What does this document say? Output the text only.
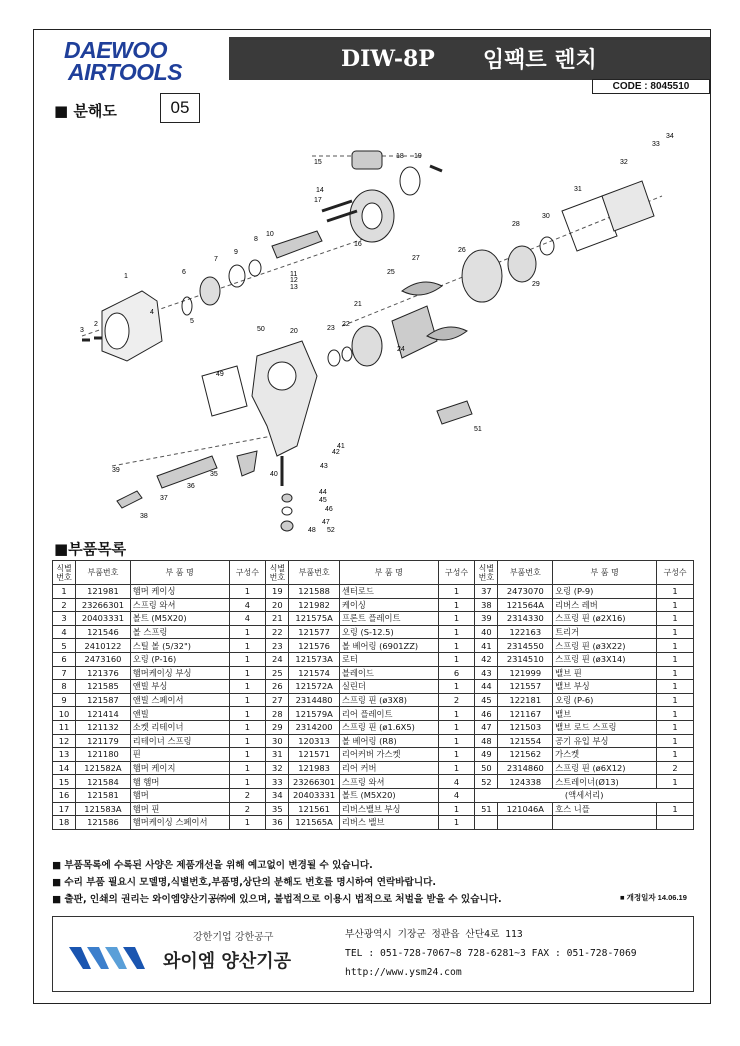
DAEWOO
AIRTOOLS
DIW-8P 임팩트 렌치
CODE : 8045510
■ 분해도	05
1
2
3
4
5
6
7
8
9
10
11
12
13
14
15
16
17
18 19
20
21
22
23
24
25
26
27
28
29
30
31
32
33
34
35
36
37
38
39
40
41
42
43
44
45
46
47
48
49
50
51
52
■부품목록
식별
번호	부품번호	부 품 명	구성수	식별
번호	부품번호	부 품 명	구성수	식별
번호	부품번호	부 품 명	구성수
1	121981	햄머 케이싱	1	19	121588	센터로드	1	37	2473070	오링 (P-9)	1
2	23266301	스프링 와셔	4	20	121982	케이싱	1	38	121564A	리버스 레버	1
3	20403331	볼트 (M5X20)	4	21	121575A	프론트 플레이트	1	39	2314330	스프링 핀 (ø2X16)	1
4	121546	볼 스프링	1	22	121577	오링 (S-12.5)	1	40	122163	트리거	1
5	2410122	스틸 볼 (5/32")	1	23	121576	볼 베어링 (6901ZZ)	1	41	2314550	스프링 핀 (ø3X22)	1
6	2473160	오링 (P-16)	1	24	121573A	로터	1	42	2314510	스프링 핀 (ø3X14)	1
7	121376	햄머케이싱 부싱	1	25	121574	블레이드	6	43	121999	밸브 핀	1
8	121585	앤빌 부싱	1	26	121572A	실린더	1	44	121557	밸브 부싱	1
9	121587	앤빌 스페이서	1	27	2314480	스프링 핀 (ø3X8)	2	45	122181	오링 (P-6)	1
10	121414	앤빌	1	28	121579A	리어 플레이트	1	46	121167	밸브	1
11	121132	소켓 리테이너	1	29	2314200	스프링 핀 (ø1.6X5)	1	47	121503	밸브 로드 스프링	1
12	121179	리테이너 스프링	1	30	120313	볼 베어링 (R8)	1	48	121554	공기 유입 부싱	1
13	121180	핀	1	31	121571	리어커버 가스켓	1	49	121562	가스켓	1
14	121582A	햄머 케이지	1	32	121983	리어 커버	1	50	2314860	스프링 핀 (ø6X12)	2
15	121584	햄 햄머	1	33	23266301	스프링 와셔	4	52	124338	스트레이너(Ø13)	1
16	121581	햄머	2	34	20403331	볼트 (M5X20)	4	(액세서리)			
17	121583A	햄머 핀	2	35	121561	리버스밸브 부싱	1	51	121046A	호스 니플	1
18	121586	햄머케이싱 스페이서	1	36	121565A	리버스 밸브	1				
■ 부품목록에 수록된 사양은 제품개선을 위해 예고없이 변경될 수 있습니다.
■ 수리 부품 필요시 모델명,식별번호,부품명,상단의 분해도 번호를 명시하여 연락바랍니다.
■ 출판, 인쇄의 권리는 와이엠양산기공㈜에 있으며, 불법적으로 이용시 법적으로 처벌을 받을 수 있습니다.	■ 개정일자 14.06.19
강한기업 강한공구
와이엠 양산기공
부산광역시 기장군 정관읍 산단4로 113
TEL : 051-728-7067~8 728-6281~3 FAX : 051-728-7069
http://www.ysm24.com
